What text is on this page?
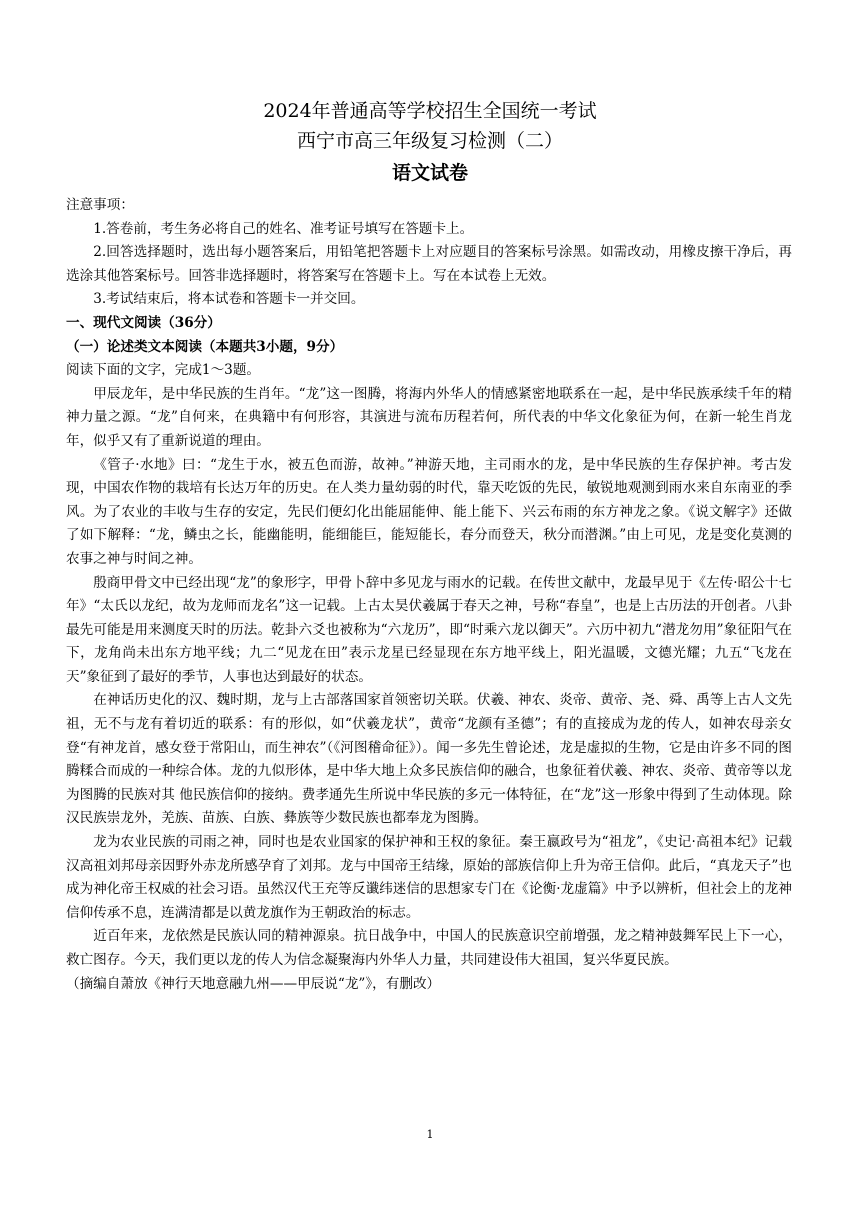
2024年普通高等学校招生全国统一考试

西宁市高三年级复习检测（二）

语文试卷

注意事项：

1.答卷前，考生务必将自己的姓名、准考证号填写在答题卡上。

2.回答选择题时，选出每小题答案后，用铅笔把答题卡上对应题目的答案标号涂黑。如需改动，用橡皮擦干净后，再选涂其他答案标号。回答非选择题时，将答案写在答题卡上。写在本试卷上无效。

3.考试结束后，将本试卷和答题卡一并交回。

一、现代文阅读（36分）

（一）论述类文本阅读（本题共3小题，9分）

阅读下面的文字，完成1～3题。

甲辰龙年，是中华民族的生肖年。“龙”这一图腾，将海内外华人的情感紧密地联系在一起，是中华民族承续千年的精神力量之源。“龙”自何来，在典籍中有何形容，其演进与流布历程若何，所代表的中华文化象征为何，在新一轮生肖龙年，似乎又有了重新说道的理由。

《管子·水地》曰：“龙生于水，被五色而游，故神。”神游天地，主司雨水的龙，是中华民族的生存保护神。考古发现，中国农作物的栽培有长达万年的历史。在人类力量幼弱的时代，靠天吃饭的先民，敏锐地观测到雨水来自东南亚的季风。为了农业的丰收与生存的安定，先民们便幻化出能屈能伸、能上能下、兴云布雨的东方神龙之象。《说文解字》还做了如下解释：“龙，鳞虫之长，能幽能明，能细能巨，能短能长，春分而登天，秋分而潜渊。”由上可见，龙是变化莫测的农事之神与时间之神。

殷商甲骨文中已经出现“龙”的象形字，甲骨卜辞中多见龙与雨水的记载。在传世文献中，龙最早见于《左传·昭公十七年》“太氏以龙纪，故为龙师而龙名”这一记载。上古太昊伏羲属于春天之神，号称“春皇”，也是上古历法的开创者。八卦最先可能是用来测度天时的历法。乾卦六爻也被称为“六龙历”，即“时乘六龙以御天”。六历中初九“潜龙勿用”象征阳气在下，龙角尚未出东方地平线；九二“见龙在田”表示龙星已经显现在东方地平线上，阳光温暖，文德光耀；九五“飞龙在天”象征到了最好的季节，人事也达到最好的状态。

在神话历史化的汉、魏时期，龙与上古部落国家首领密切关联。伏羲、神农、炎帝、黄帝、尧、舜、禹等上古人文先祖，无不与龙有着切近的联系：有的形似，如“伏羲龙状”，黄帝“龙颜有圣德”；有的直接成为龙的传人，如神农母亲女登“有神龙首，感女登于常阳山，而生神农”（《河图稽命征》）。闻一多先生曾论述，龙是虚拟的生物，它是由许多不同的图腾糅合而成的一种综合体。龙的九似形体，是中华大地上众多民族信仰的融合，也象征着伏羲、神农、炎帝、黄帝等以龙为图腾的民族对其 他民族信仰的接纳。费孝通先生所说中华民族的多元一体特征，在“龙”这一形象中得到了生动体现。除汉民族崇龙外，羌族、苗族、白族、彝族等少数民族也都奉龙为图腾。

龙为农业民族的司雨之神，同时也是农业国家的保护神和王权的象征。秦王嬴政号为“祖龙”，《史记·高祖本纪》记载汉高祖刘邦母亲因野外赤龙所感孕育了刘邦。龙与中国帝王结缘，原始的部族信仰上升为帝王信仰。此后，“真龙天子”也成为神化帝王权威的社会习语。虽然汉代王充等反谶纬迷信的思想家专门在《论衡·龙虚篇》中予以辨析，但社会上的龙神信仰传承不息，连满清都是以黄龙旗作为王朝政治的标志。

近百年来，龙依然是民族认同的精神源泉。抗日战争中，中国人的民族意识空前增强，龙之精神鼓舞军民上下一心，救亡图存。今天，我们更以龙的传人为信念凝聚海内外华人力量，共同建设伟大祖国，复兴华夏民族。

（摘编自萧放《神行天地意融九州——甲辰说“龙”》，有删改）

1
